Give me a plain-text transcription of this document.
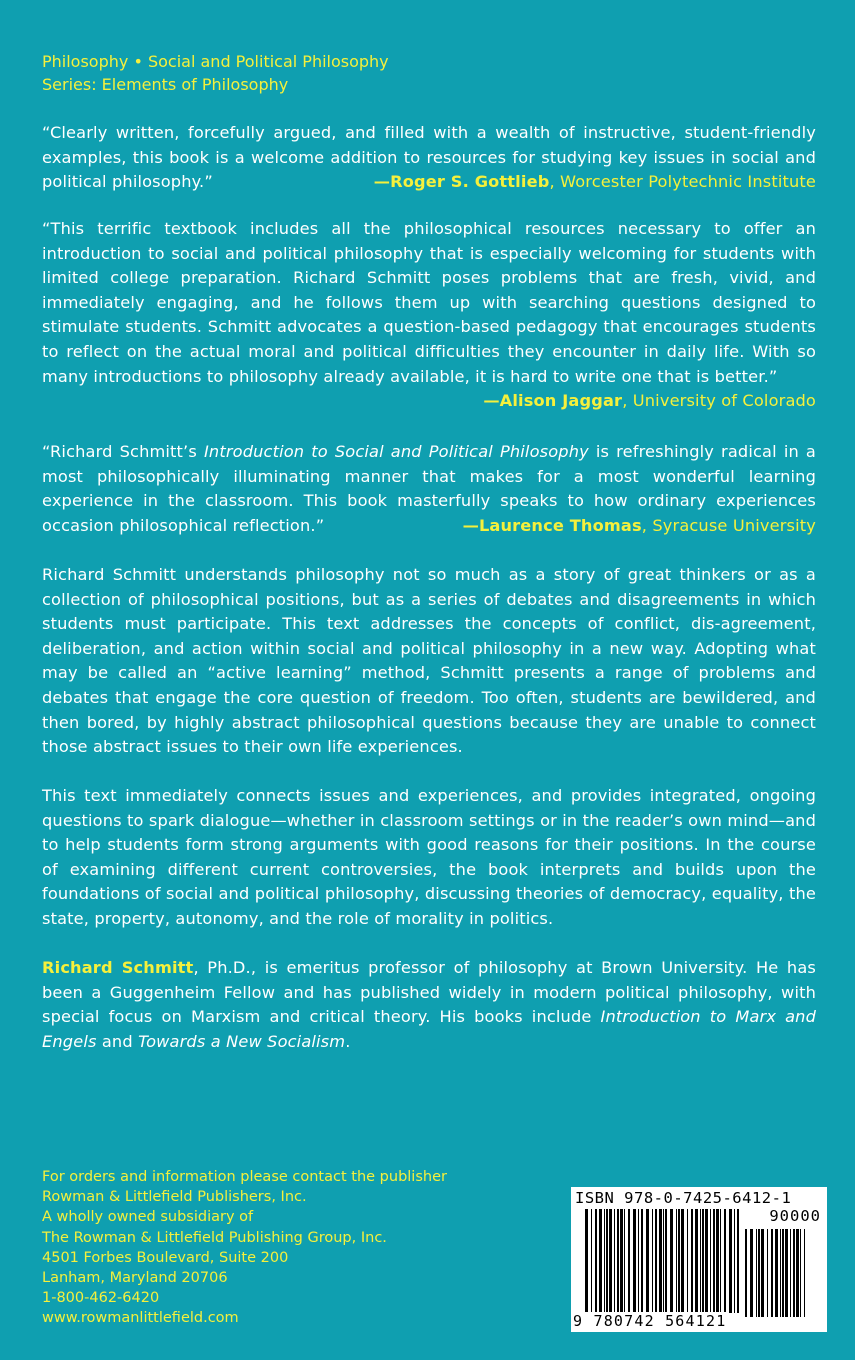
Philosophy • Social and Political Philosophy
Series: Elements of Philosophy
“Clearly written, forcefully argued, and filled with a wealth of instructive, student-friendly examples, this book is a welcome addition to resources for studying key issues in social and political philosophy.”	—Roger S. Gottlieb, Worcester Polytechnic Institute
“This terrific textbook includes all the philosophical resources necessary to offer an introduction to social and political philosophy that is especially welcoming for students with limited college preparation. Richard Schmitt poses problems that are fresh, vivid, and immediately engaging, and he follows them up with searching questions designed to stimulate students. Schmitt advocates a question-based pedagogy that encourages students to reflect on the actual moral and political difficulties they encounter in daily life. With so many introductions to philosophy already available, it is hard to write one that is better.”
—Alison Jaggar, University of Colorado
“Richard Schmitt’s Introduction to Social and Political Philosophy is refreshingly radical in a most philosophically illuminating manner that makes for a most wonderful learning experience in the classroom. This book masterfully speaks to how ordinary experiences occasion philosophical reflection.”	—Laurence Thomas, Syracuse University
Richard Schmitt understands philosophy not so much as a story of great thinkers or as a collection of philosophical positions, but as a series of debates and disagreements in which students must participate. This text addresses the concepts of conflict, dis-agreement, deliberation, and action within social and political philosophy in a new way. Adopting what may be called an “active learning” method, Schmitt presents a range of problems and debates that engage the core question of freedom. Too often, students are bewildered, and then bored, by highly abstract philosophical questions because they are unable to connect those abstract issues to their own life experiences.
This text immediately connects issues and experiences, and provides integrated, ongoing questions to spark dialogue—whether in classroom settings or in the reader’s own mind—and to help students form strong arguments with good reasons for their positions. In the course of examining different current controversies, the book interprets and builds upon the foundations of social and political philosophy, discussing theories of democracy, equality, the state, property, autonomy, and the role of morality in politics.
Richard Schmitt, Ph.D., is emeritus professor of philosophy at Brown University. He has been a Guggenheim Fellow and has published widely in modern political philosophy, with special focus on Marxism and critical theory. His books include Introduction to Marx and Engels and Towards a New Socialism.
For orders and information please contact the publisher
Rowman & Littlefield Publishers, Inc.
A wholly owned subsidiary of
The Rowman & Littlefield Publishing Group, Inc.
4501 Forbes Boulevard, Suite 200
Lanham, Maryland 20706
1-800-462-6420
www.rowmanlittlefield.com
ISBN 978-0-7425-6412-1
90000
9 780742 564121
